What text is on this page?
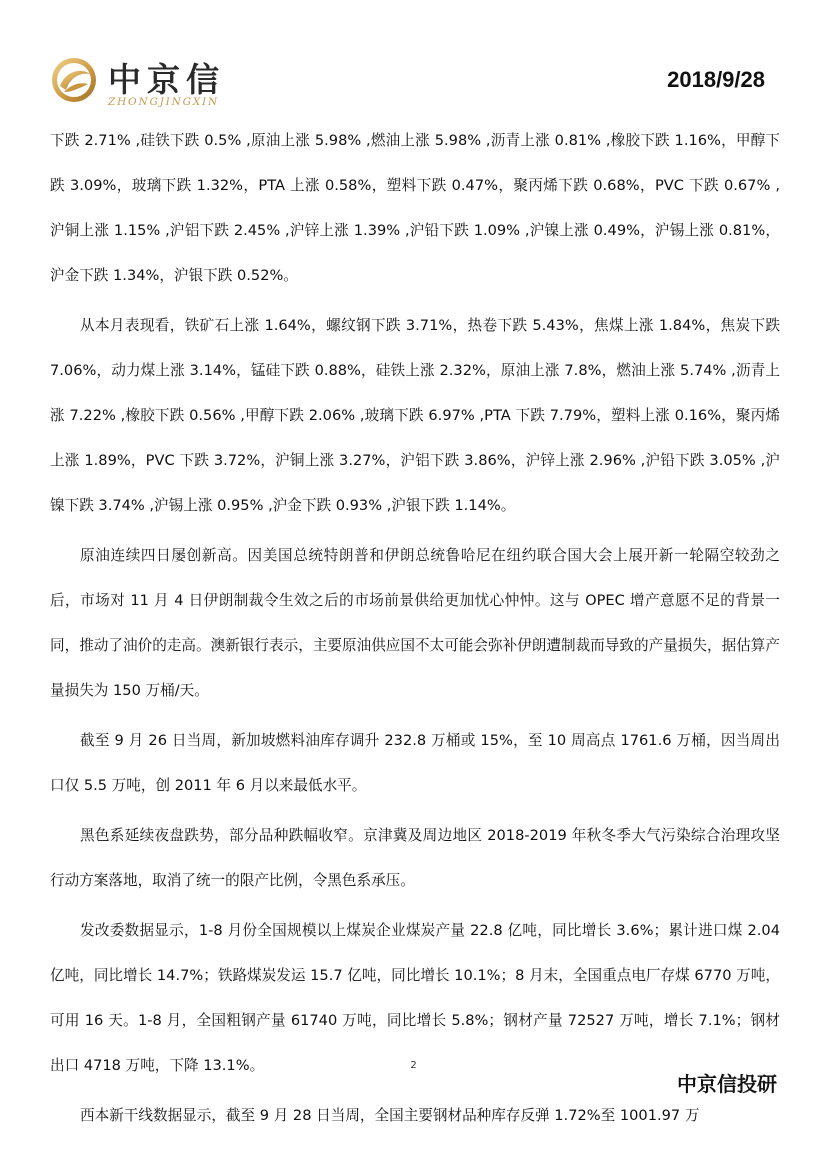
中京信
ZHONGJINGXIN
2018/9/28

下跌 2.71% ,硅铁下跌 0.5% ,原油上涨 5.98% ,燃油上涨 5.98% ,沥青上涨 0.81% ,橡胶下跌 1.16%，甲醇下跌 3.09%，玻璃下跌 1.32%，PTA 上涨 0.58%，塑料下跌 0.47%，聚丙烯下跌 0.68%，PVC 下跌 0.67% ,沪铜上涨 1.15% ,沪铝下跌 2.45% ,沪锌上涨 1.39% ,沪铅下跌 1.09% ,沪镍上涨 0.49%，沪锡上涨 0.81%，沪金下跌 1.34%，沪银下跌 0.52%。

从本月表现看，铁矿石上涨 1.64%，螺纹钢下跌 3.71%，热卷下跌 5.43%，焦煤上涨 1.84%，焦炭下跌 7.06%，动力煤上涨 3.14%，锰硅下跌 0.88%，硅铁上涨 2.32%，原油上涨 7.8%，燃油上涨 5.74% ,沥青上涨 7.22% ,橡胶下跌 0.56% ,甲醇下跌 2.06% ,玻璃下跌 6.97% ,PTA 下跌 7.79%，塑料上涨 0.16%，聚丙烯上涨 1.89%，PVC 下跌 3.72%，沪铜上涨 3.27%，沪铝下跌 3.86%，沪锌上涨 2.96% ,沪铅下跌 3.05% ,沪镍下跌 3.74% ,沪锡上涨 0.95% ,沪金下跌 0.93% ,沪银下跌 1.14%。

原油连续四日屡创新高。因美国总统特朗普和伊朗总统鲁哈尼在纽约联合国大会上展开新一轮隔空较劲之后，市场对 11 月 4 日伊朗制裁令生效之后的市场前景供给更加忧心忡忡。这与 OPEC 增产意愿不足的背景一同，推动了油价的走高。澳新银行表示，主要原油供应国不太可能会弥补伊朗遭制裁而导致的产量损失，据估算产量损失为 150 万桶/天。

截至 9 月 26 日当周，新加坡燃料油库存调升 232.8 万桶或 15%，至 10 周高点 1761.6 万桶，因当周出口仅 5.5 万吨，创 2011 年 6 月以来最低水平。

黑色系延续夜盘跌势，部分品种跌幅收窄。京津冀及周边地区 2018-2019 年秋冬季大气污染综合治理攻坚行动方案落地，取消了统一的限产比例，令黑色系承压。

发改委数据显示，1-8 月份全国规模以上煤炭企业煤炭产量 22.8 亿吨，同比增长 3.6%；累计进口煤 2.04 亿吨，同比增长 14.7%；铁路煤炭发运 15.7 亿吨，同比增长 10.1%；8 月末，全国重点电厂存煤 6770 万吨，可用 16 天。1-8 月，全国粗钢产量 61740 万吨，同比增长 5.8%；钢材产量 72527 万吨，增长 7.1%；钢材出口 4718 万吨，下降 13.1%。

西本新干线数据显示，截至 9 月 28 日当周，全国主要钢材品种库存反弹 1.72%至 1001.97 万

2
中京信投研
